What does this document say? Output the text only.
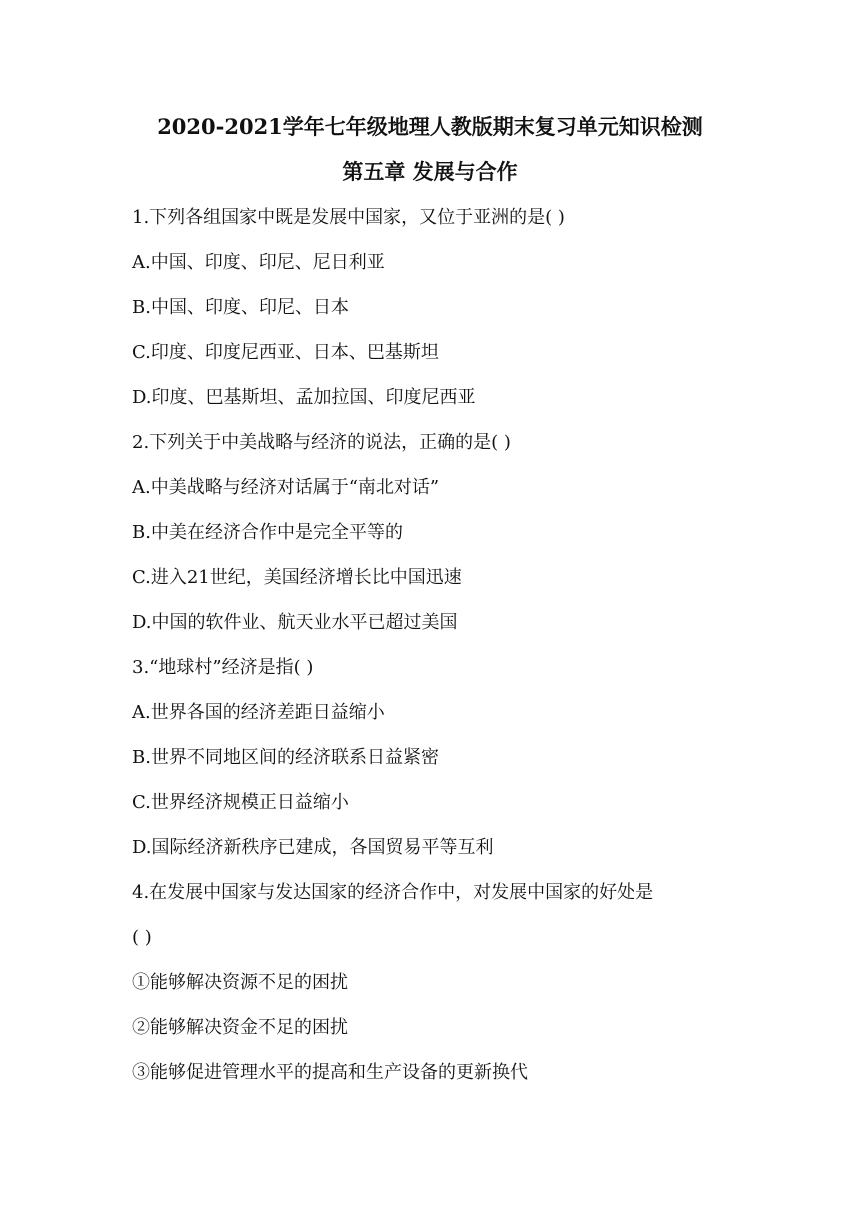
2020-2021学年七年级地理人教版期末复习单元知识检测
第五章 发展与合作
1.下列各组国家中既是发展中国家，又位于亚洲的是( )
A.中国、印度、印尼、尼日利亚
B.中国、印度、印尼、日本
C.印度、印度尼西亚、日本、巴基斯坦
D.印度、巴基斯坦、孟加拉国、印度尼西亚
2.下列关于中美战略与经济的说法，正确的是( )
A.中美战略与经济对话属于“南北对话”
B.中美在经济合作中是完全平等的
C.进入21世纪，美国经济增长比中国迅速
D.中国的软件业、航天业水平已超过美国
3.“地球村”经济是指( )
A.世界各国的经济差距日益缩小
B.世界不同地区间的经济联系日益紧密
C.世界经济规模正日益缩小
D.国际经济新秩序已建成，各国贸易平等互利
4.在发展中国家与发达国家的经济合作中，对发展中国家的好处是
( )
①能够解决资源不足的困扰
②能够解决资金不足的困扰
③能够促进管理水平的提高和生产设备的更新换代
